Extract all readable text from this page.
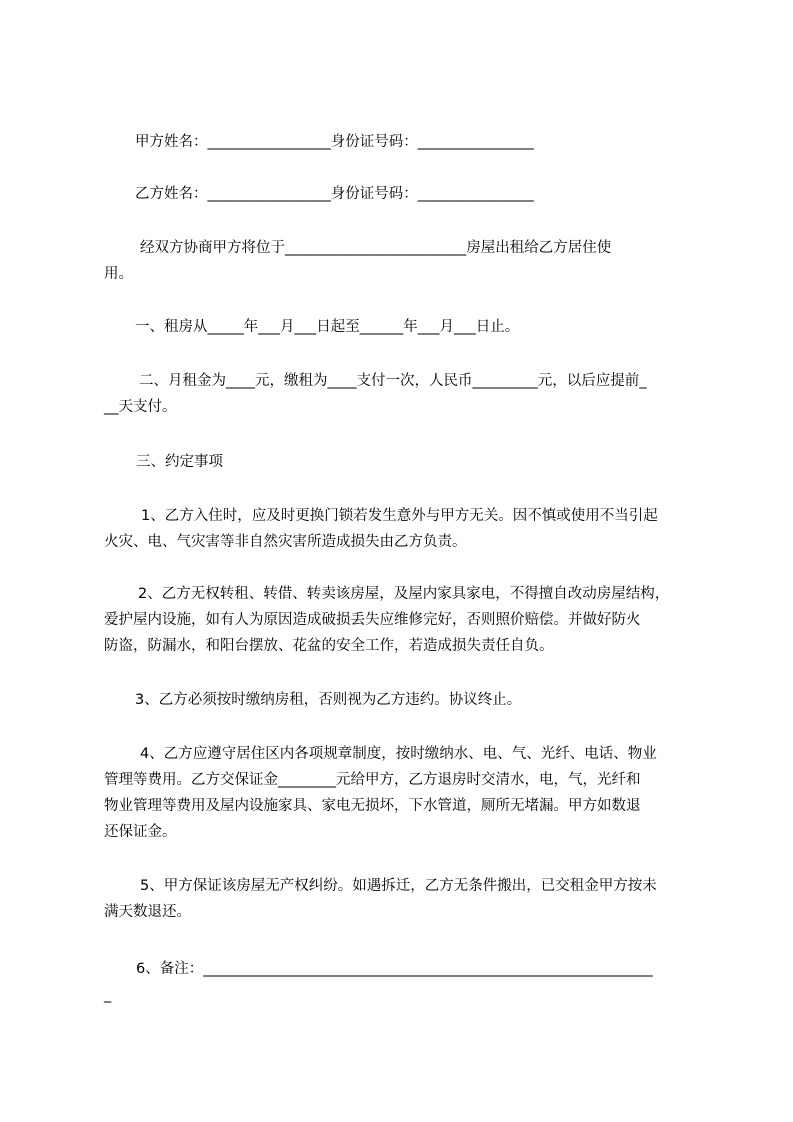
甲方姓名：_________________身份证号码：________________

乙方姓名：_________________身份证号码：________________

经双方协商甲方将位于_________________________房屋出租给乙方居住使
用。

一、租房从_____年___月___日起至______年___月___日止。

二、月租金为____元，缴租为____支付一次，人民币_________元，以后应提前_
__天支付。

三、约定事项

1、乙方入住时，应及时更换门锁若发生意外与甲方无关。因不慎或使用不当引起
火灾、电、气灾害等非自然灾害所造成损失由乙方负责。

2、乙方无权转租、转借、转卖该房屋，及屋内家具家电，不得擅自改动房屋结构，
爱护屋内设施，如有人为原因造成破损丢失应维修完好，否则照价赔偿。并做好防火
防盗，防漏水，和阳台摆放、花盆的安全工作，若造成损失责任自负。

3、乙方必须按时缴纳房租，否则视为乙方违约。协议终止。

4、乙方应遵守居住区内各项规章制度，按时缴纳水、电、气、光纤、电话、物业
管理等费用。乙方交保证金________元给甲方，乙方退房时交清水，电，气，光纤和
物业管理等费用及屋内设施家具、家电无损坏，下水管道，厕所无堵漏。甲方如数退
还保证金。

5、甲方保证该房屋无产权纠纷。如遇拆迁，乙方无条件搬出，已交租金甲方按未
满天数退还。

6、备注：______________________________________________________________
_
